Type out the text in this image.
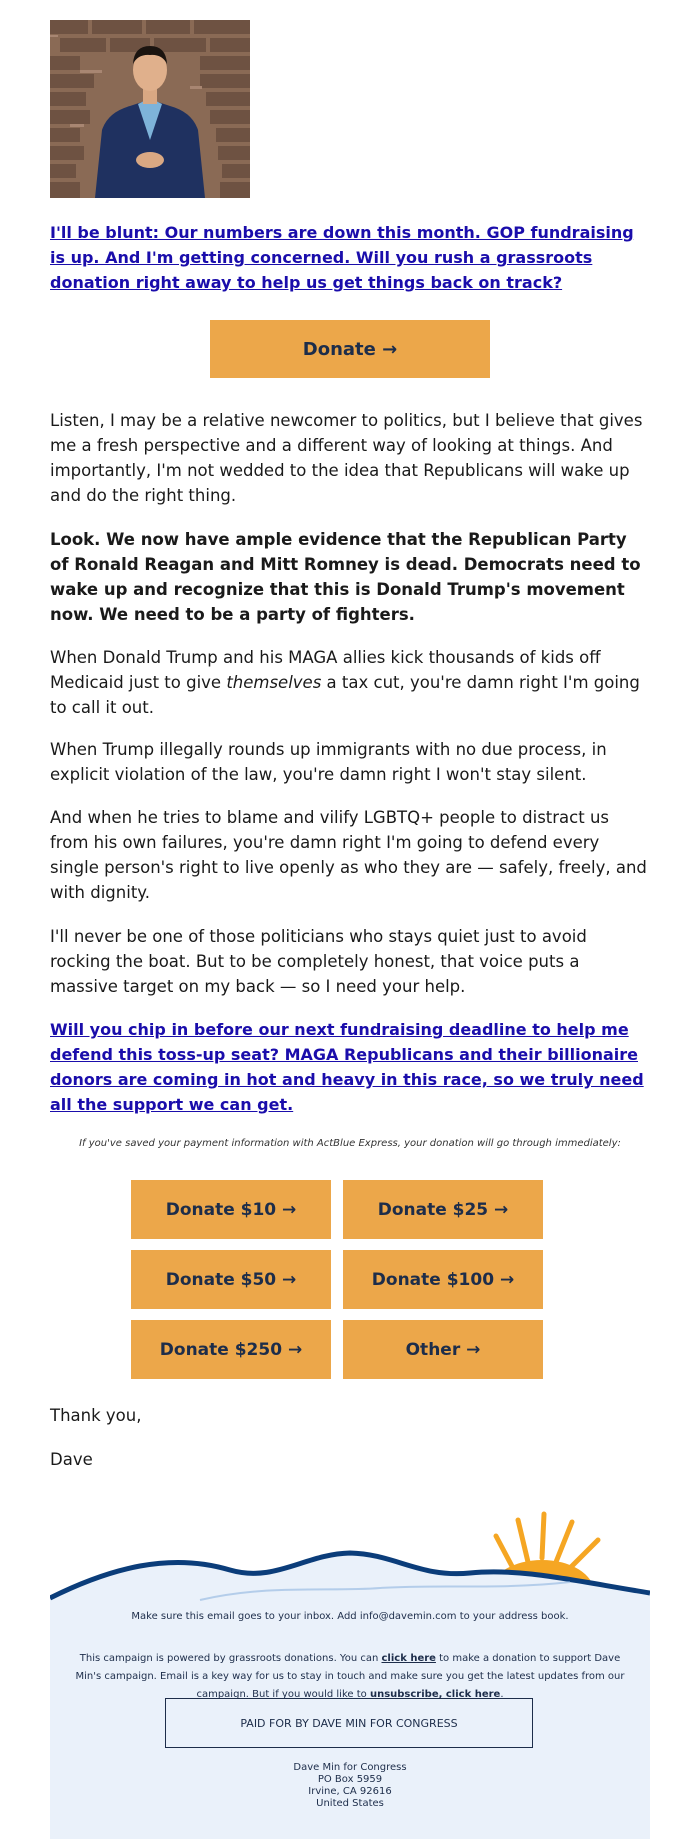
I'll be blunt: Our numbers are down this month. GOP fundraising is up. And I'm getting concerned. Will you rush a grassroots donation right away to help us get things back on track?
Donate →
Listen, I may be a relative newcomer to politics, but I believe that gives me a fresh perspective and a different way of looking at things. And importantly, I'm not wedded to the idea that Republicans will wake up and do the right thing.
Look. We now have ample evidence that the Republican Party of Ronald Reagan and Mitt Romney is dead. Democrats need to wake up and recognize that this is Donald Trump's movement now. We need to be a party of fighters.
When Donald Trump and his MAGA allies kick thousands of kids off Medicaid just to give themselves a tax cut, you're damn right I'm going to call it out.
When Trump illegally rounds up immigrants with no due process, in explicit violation of the law, you're damn right I won't stay silent.
And when he tries to blame and vilify LGBTQ+ people to distract us from his own failures, you're damn right I'm going to defend every single person's right to live openly as who they are — safely, freely, and with dignity.
I'll never be one of those politicians who stays quiet just to avoid rocking the boat. But to be completely honest, that voice puts a massive target on my back — so I need your help.
Will you chip in before our next fundraising deadline to help me defend this toss-up seat? MAGA Republicans and their billionaire donors are coming in hot and heavy in this race, so we truly need all the support we can get.
If you've saved your payment information with ActBlue Express, your donation will go through immediately:
Donate $10 →	Donate $25 →
Donate $50 →	Donate $100 →
Donate $250 →	Other →
Thank you,
Dave
Make sure this email goes to your inbox. Add info@davemin.com to your address book.
This campaign is powered by grassroots donations. You can click here to make a donation to support Dave Min's campaign. Email is a key way for us to stay in touch and make sure you get the latest updates from our campaign. But if you would like to unsubscribe, click here.
PAID FOR BY DAVE MIN FOR CONGRESS
Dave Min for Congress
PO Box 5959
Irvine, CA 92616
United States
